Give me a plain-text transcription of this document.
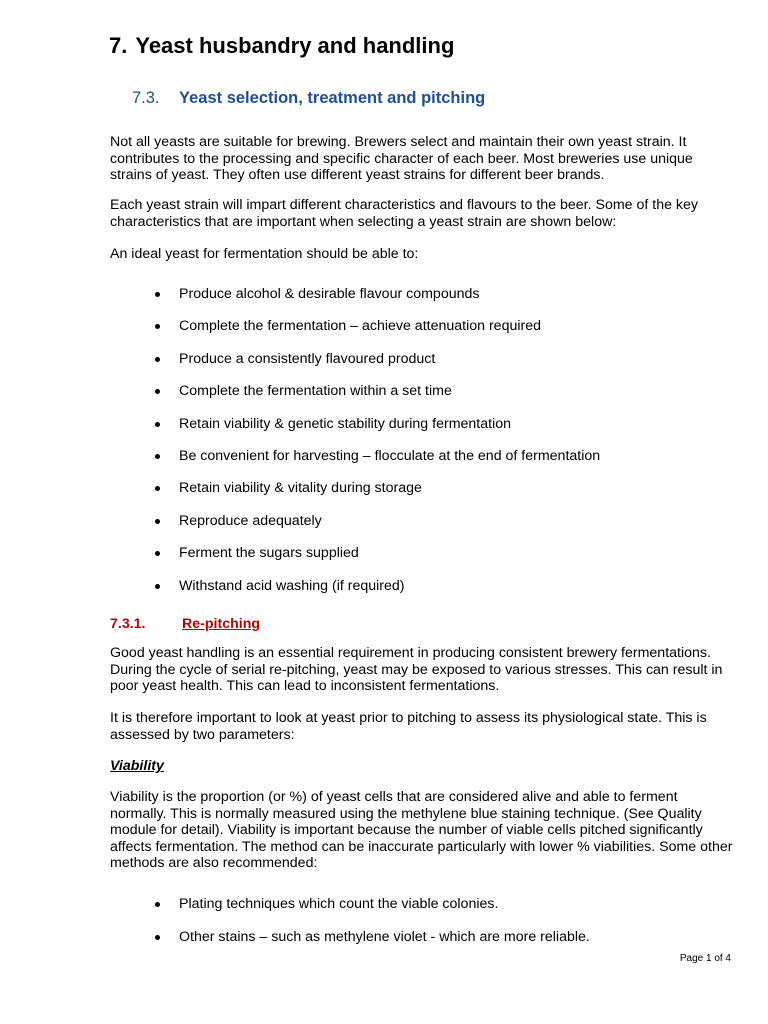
7. Yeast husbandry and handling
7.3. Yeast selection, treatment and pitching

Not all yeasts are suitable for brewing. Brewers select and maintain their own yeast strain. It contributes to the processing and specific character of each beer. Most breweries use unique strains of yeast. They often use different yeast strains for different beer brands.

Each yeast strain will impart different characteristics and flavours to the beer. Some of the key characteristics that are important when selecting a yeast strain are shown below:

An ideal yeast for fermentation should be able to:

Produce alcohol & desirable flavour compounds
Complete the fermentation – achieve attenuation required
Produce a consistently flavoured product
Complete the fermentation within a set time
Retain viability & genetic stability during fermentation
Be convenient for harvesting – flocculate at the end of fermentation
Retain viability & vitality during storage
Reproduce adequately
Ferment the sugars supplied
Withstand acid washing (if required)
7.3.1.	Re-pitching

Good yeast handling is an essential requirement in producing consistent brewery fermentations. During the cycle of serial re-pitching, yeast may be exposed to various stresses. This can result in poor yeast health. This can lead to inconsistent fermentations.

It is therefore important to look at yeast prior to pitching to assess its physiological state. This is assessed by two parameters:

Viability

Viability is the proportion (or %) of yeast cells that are considered alive and able to ferment normally. This is normally measured using the methylene blue staining technique. (See Quality module for detail). Viability is important because the number of viable cells pitched significantly affects fermentation. The method can be inaccurate particularly with lower % viabilities. Some other methods are also recommended:

Plating techniques which count the viable colonies.
Other stains – such as methylene violet - which are more reliable.
Page 1 of 4
